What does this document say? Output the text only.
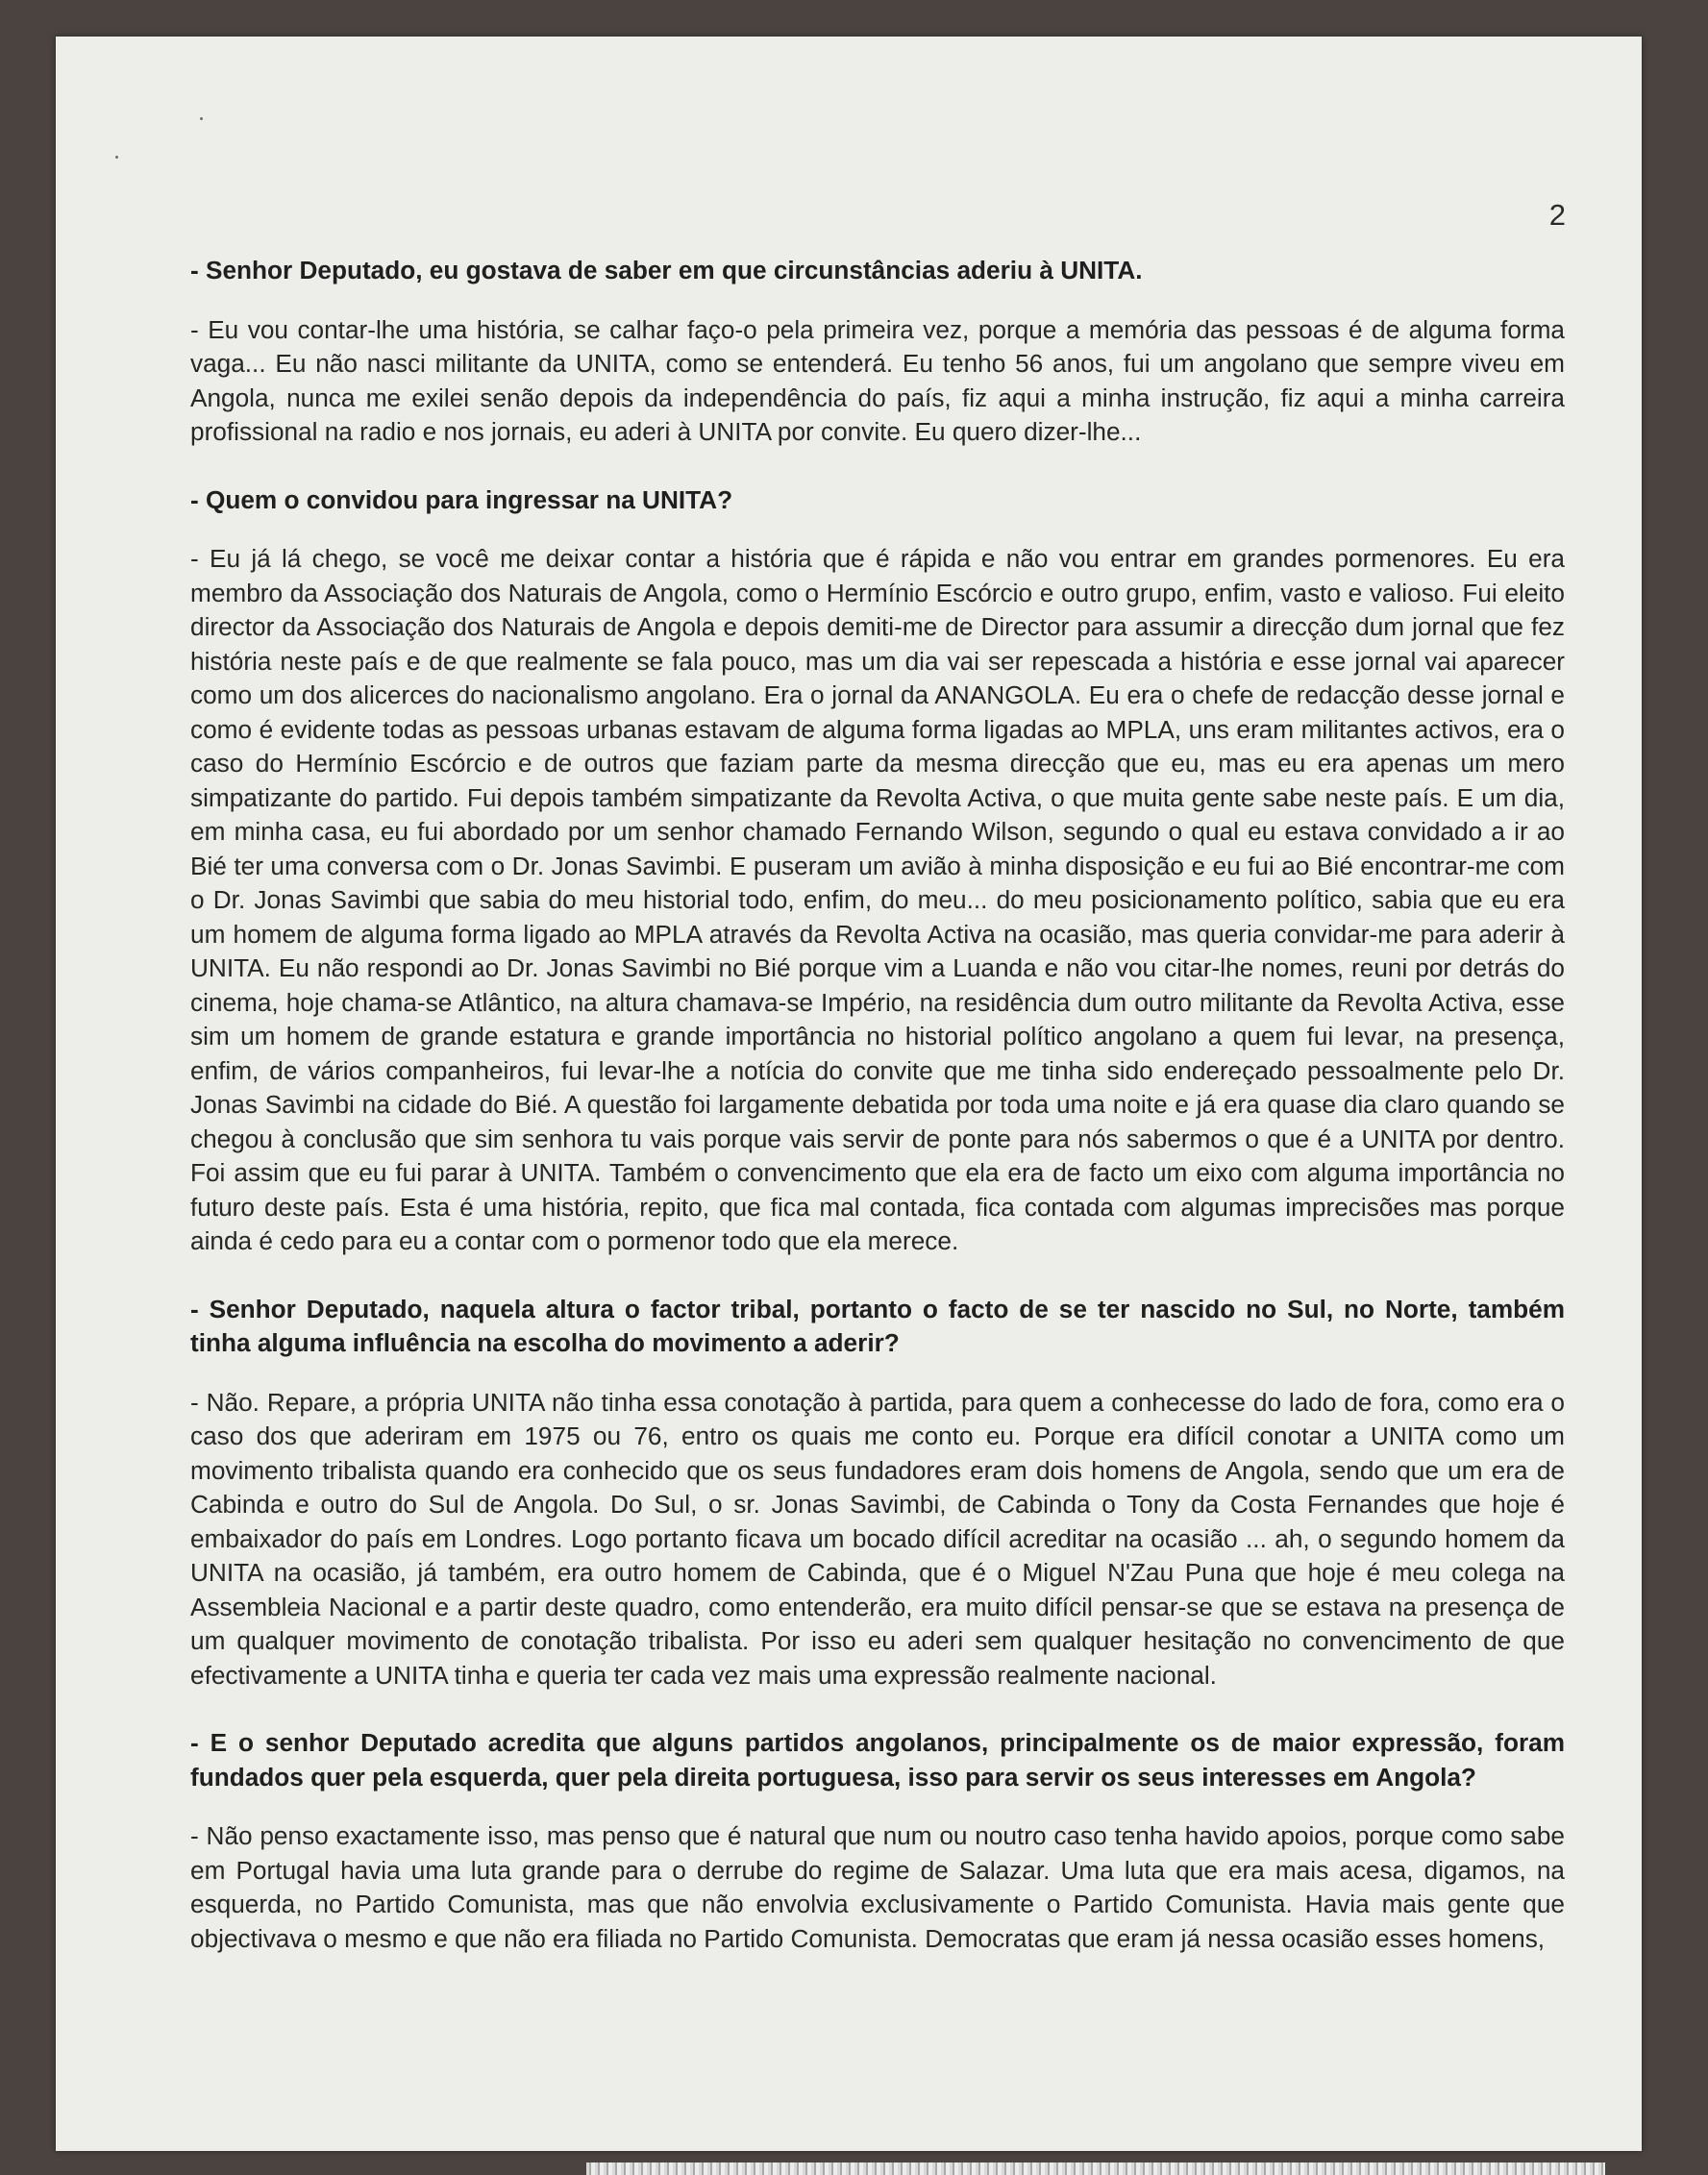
2

- Senhor Deputado, eu gostava de saber em que circunstâncias aderiu à UNITA.

- Eu vou contar-lhe uma história, se calhar faço-o pela primeira vez, porque a memória das pessoas é de alguma forma vaga... Eu não nasci militante da UNITA, como se entenderá. Eu tenho 56 anos, fui um angolano que sempre viveu em Angola, nunca me exilei senão depois da independência do país, fiz aqui a minha instrução, fiz aqui a minha carreira profissional na radio e nos jornais, eu aderi à UNITA por convite. Eu quero dizer-lhe...

- Quem o convidou para ingressar na UNITA?

- Eu já lá chego, se você me deixar contar a história que é rápida e não vou entrar em grandes pormenores. Eu era membro da Associação dos Naturais de Angola, como o Hermínio Escórcio e outro grupo, enfim, vasto e valioso. Fui eleito director da Associação dos Naturais de Angola e depois demiti-me de Director para assumir a direcção dum jornal que fez história neste país e de que realmente se fala pouco, mas um dia vai ser repescada a história e esse jornal vai aparecer como um dos alicerces do nacionalismo angolano. Era o jornal da ANANGOLA. Eu era o chefe de redacção desse jornal e como é evidente todas as pessoas urbanas estavam de alguma forma ligadas ao MPLA, uns eram militantes activos, era o caso do Hermínio Escórcio e de outros que faziam parte da mesma direcção que eu, mas eu era apenas um mero simpatizante do partido. Fui depois também simpatizante da Revolta Activa, o que muita gente sabe neste país. E um dia, em minha casa, eu fui abordado por um senhor chamado Fernando Wilson, segundo o qual eu estava convidado a ir ao Bié ter uma conversa com o Dr. Jonas Savimbi. E puseram um avião à minha disposição e eu fui ao Bié encontrar-me com o Dr. Jonas Savimbi que sabia do meu historial todo, enfim, do meu... do meu posicionamento político, sabia que eu era um homem de alguma forma ligado ao MPLA através da Revolta Activa na ocasião, mas queria convidar-me para aderir à UNITA. Eu não respondi ao Dr. Jonas Savimbi no Bié porque vim a Luanda e não vou citar-lhe nomes, reuni por detrás do cinema, hoje chama-se Atlântico, na altura chamava-se Império, na residência dum outro militante da Revolta Activa, esse sim um homem de grande estatura e grande importância no historial político angolano a quem fui levar, na presença, enfim, de vários companheiros, fui levar-lhe a notícia do convite que me tinha sido endereçado pessoalmente pelo Dr. Jonas Savimbi na cidade do Bié. A questão foi largamente debatida por toda uma noite e já era quase dia claro quando se chegou à conclusão que sim senhora tu vais porque vais servir de ponte para nós sabermos o que é a UNITA por dentro. Foi assim que eu fui parar à UNITA. Também o convencimento que ela era de facto um eixo com alguma importância no futuro deste país. Esta é uma história, repito, que fica mal contada, fica contada com algumas imprecisões mas porque ainda é cedo para eu a contar com o pormenor todo que ela merece.

- Senhor Deputado, naquela altura o factor tribal, portanto o facto de se ter nascido no Sul, no Norte, também tinha alguma influência na escolha do movimento a aderir?

- Não. Repare, a própria UNITA não tinha essa conotação à partida, para quem a conhecesse do lado de fora, como era o caso dos que aderiram em 1975 ou 76, entro os quais me conto eu. Porque era difícil conotar a UNITA como um movimento tribalista quando era conhecido que os seus fundadores eram dois homens de Angola, sendo que um era de Cabinda e outro do Sul de Angola. Do Sul, o sr. Jonas Savimbi, de Cabinda o Tony da Costa Fernandes que hoje é embaixador do país em Londres. Logo portanto ficava um bocado difícil acreditar na ocasião ... ah, o segundo homem da UNITA na ocasião, já também, era outro homem de Cabinda, que é o Miguel N'Zau Puna que hoje é meu colega na Assembleia Nacional e a partir deste quadro, como entenderão, era muito difícil pensar-se que se estava na presença de um qualquer movimento de conotação tribalista. Por isso eu aderi sem qualquer hesitação no convencimento de que efectivamente a UNITA tinha e queria ter cada vez mais uma expressão realmente nacional.

- E o senhor Deputado acredita que alguns partidos angolanos, principalmente os de maior expressão, foram fundados quer pela esquerda, quer pela direita portuguesa, isso para servir os seus interesses em Angola?

- Não penso exactamente isso, mas penso que é natural que num ou noutro caso tenha havido apoios, porque como sabe em Portugal havia uma luta grande para o derrube do regime de Salazar. Uma luta que era mais acesa, digamos, na esquerda, no Partido Comunista, mas que não envolvia exclusivamente o Partido Comunista. Havia mais gente que objectivava o mesmo e que não era filiada no Partido Comunista. Democratas que eram já nessa ocasião esses homens,
